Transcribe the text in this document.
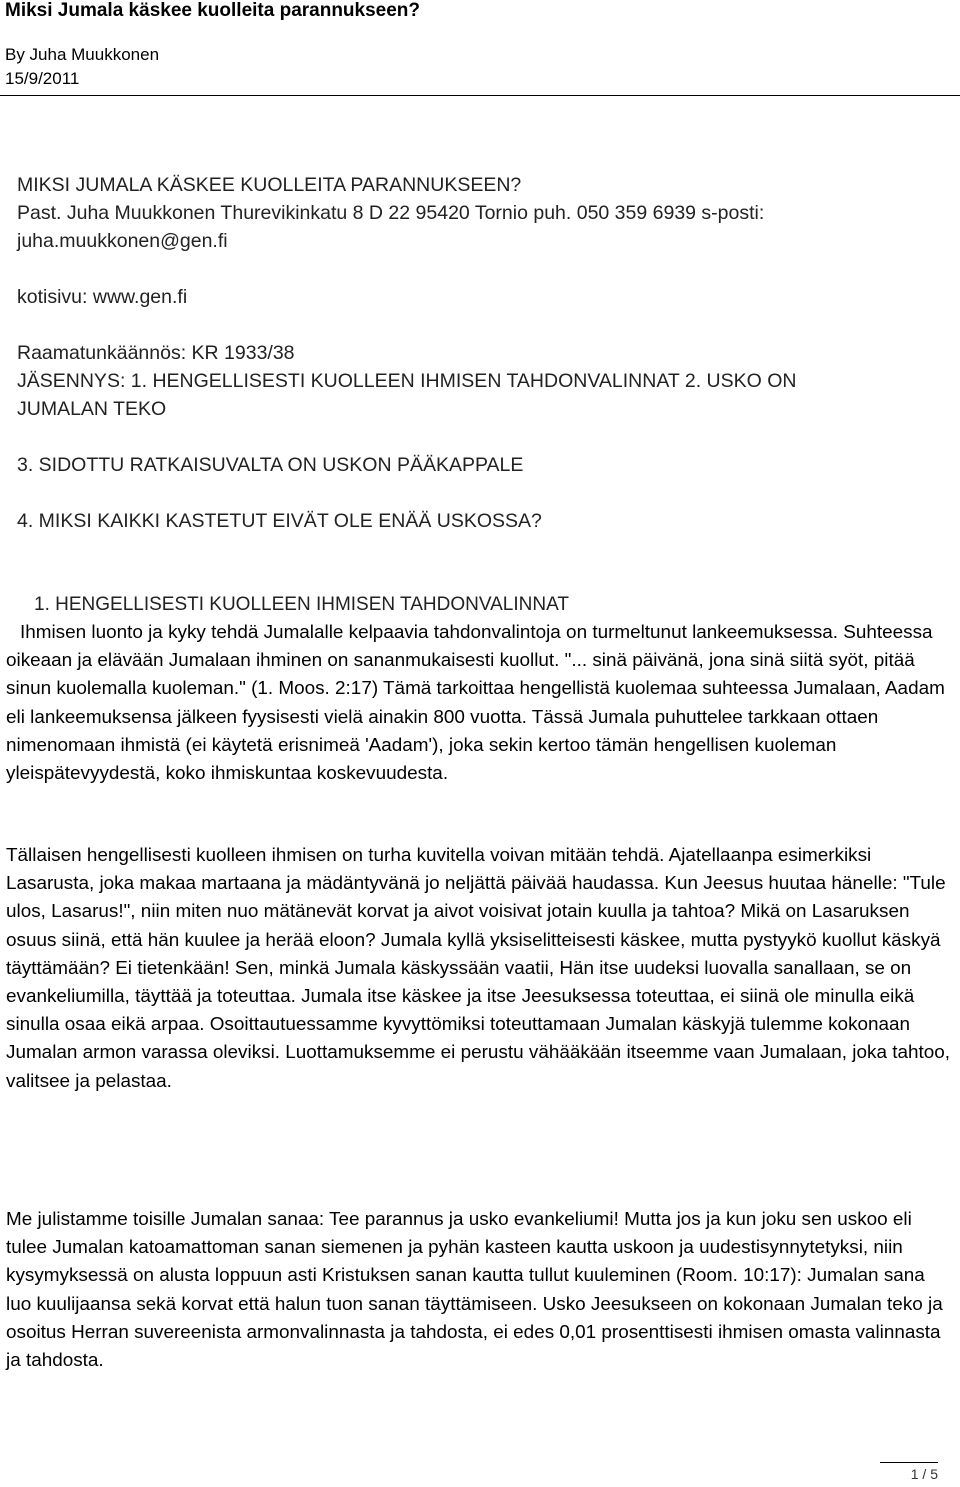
Miksi Jumala käskee kuolleita parannukseen?
By Juha Muukkonen
15/9/2011
MIKSI JUMALA KÄSKEE KUOLLEITA PARANNUKSEEN?
Past. Juha Muukkonen Thurevikinkatu 8 D 22 95420 Tornio puh. 050 359 6939 s-posti:
juha.muukkonen@gen.fi
kotisivu: www.gen.fi
Raamatunkäännös: KR 1933/38
JÄSENNYS: 1. HENGELLISESTI KUOLLEEN IHMISEN TAHDONVALINNAT 2. USKO ON
JUMALAN TEKO
3. SIDOTTU RATKAISUVALTA ON USKON PÄÄKAPPALE
4. MIKSI KAIKKI KASTETUT EIVÄT OLE ENÄÄ USKOSSA?
1. HENGELLISESTI KUOLLEEN IHMISEN TAHDONVALINNAT

Ihmisen luonto ja kyky tehdä Jumalalle kelpaavia tahdonvalintoja on turmeltunut lankeemuksessa. Suhteessa oikeaan ja elävään Jumalaan ihminen on sananmukaisesti kuollut. "... sinä päivänä, jona sinä siitä syöt, pitää sinun kuolemalla kuoleman." (1. Moos. 2:17) Tämä tarkoittaa hengellistä kuolemaa suhteessa Jumalaan, Aadam eli lankeemuksensa jälkeen fyysisesti vielä ainakin 800 vuotta. Tässä Jumala puhuttelee tarkkaan ottaen nimenomaan ihmistä (ei käytetä erisnimeä 'Aadam'), joka sekin kertoo tämän hengellisen kuoleman yleispätevyydestä, koko ihmiskuntaa koskevuudesta.

Tällaisen hengellisesti kuolleen ihmisen on turha kuvitella voivan mitään tehdä. Ajatellaanpa esimerkiksi Lasarusta, joka makaa martaana ja mädäntyvänä jo neljättä päivää haudassa. Kun Jeesus huutaa hänelle: "Tule ulos, Lasarus!", niin miten nuo mätänevät korvat ja aivot voisivat jotain kuulla ja tahtoa? Mikä on Lasaruksen osuus siinä, että hän kuulee ja herää eloon? Jumala kyllä yksiselitteisesti käskee, mutta pystyykö kuollut käskyä täyttämään? Ei tietenkään! Sen, minkä Jumala käskyssään vaatii, Hän itse uudeksi luovalla sanallaan, se on evankeliumilla, täyttää ja toteuttaa. Jumala itse käskee ja itse Jeesuksessa toteuttaa, ei siinä ole minulla eikä sinulla osaa eikä arpaa. Osoittautuessamme kyvyttömiksi toteuttamaan Jumalan käskyjä tulemme kokonaan Jumalan armon varassa oleviksi. Luottamuksemme ei perustu vähääkään itseemme vaan Jumalaan, joka tahtoo, valitsee ja pelastaa.

Me julistamme toisille Jumalan sanaa: Tee parannus ja usko evankeliumi! Mutta jos ja kun joku sen uskoo eli tulee Jumalan katoamattoman sanan siemenen ja pyhän kasteen kautta uskoon ja uudestisynnytetyksi, niin kysymyksessä on alusta loppuun asti Kristuksen sanan kautta tullut kuuleminen (Room. 10:17): Jumalan sana luo kuulijaansa sekä korvat että halun tuon sanan täyttämiseen. Usko Jeesukseen on kokonaan Jumalan teko ja osoitus Herran suvereenista armonvalinnasta ja tahdosta, ei edes 0,01 prosenttisesti ihmisen omasta valinnasta ja tahdosta.

1 / 5
